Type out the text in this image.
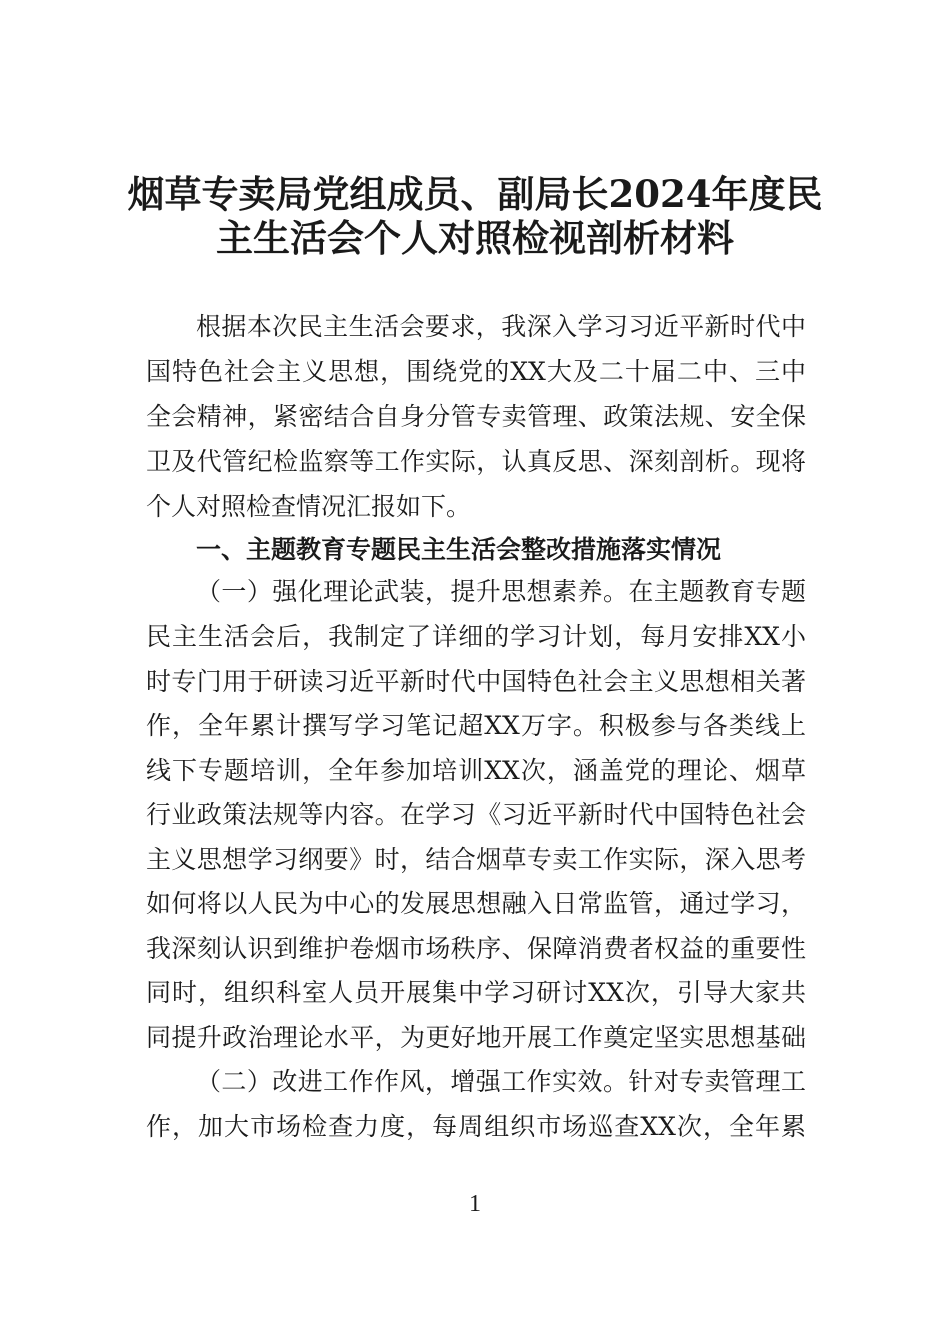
烟草专卖局党组成员、副局长2024年度民
主生活会个人对照检视剖析材料
根据本次民主生活会要求，我深入学习习近平新时代中
国特色社会主义思想，围绕党的XX大及二十届二中、三中
全会精神，紧密结合自身分管专卖管理、政策法规、安全保
卫及代管纪检监察等工作实际，认真反思、深刻剖析。现将
个人对照检查情况汇报如下。
一、主题教育专题民主生活会整改措施落实情况
（一）强化理论武装，提升思想素养。在主题教育专题
民主生活会后，我制定了详细的学习计划，每月安排XX小
时专门用于研读习近平新时代中国特色社会主义思想相关著
作，全年累计撰写学习笔记超XX万字。积极参与各类线上
线下专题培训，全年参加培训XX次，涵盖党的理论、烟草
行业政策法规等内容。在学习《习近平新时代中国特色社会
主义思想学习纲要》时，结合烟草专卖工作实际，深入思考
如何将以人民为中心的发展思想融入日常监管，通过学习，
我深刻认识到维护卷烟市场秩序、保障消费者权益的重要性
同时，组织科室人员开展集中学习研讨XX次，引导大家共
同提升政治理论水平，为更好地开展工作奠定坚实思想基础
（二）改进工作作风，增强工作实效。针对专卖管理工
作，加大市场检查力度，每周组织市场巡查XX次，全年累
1
